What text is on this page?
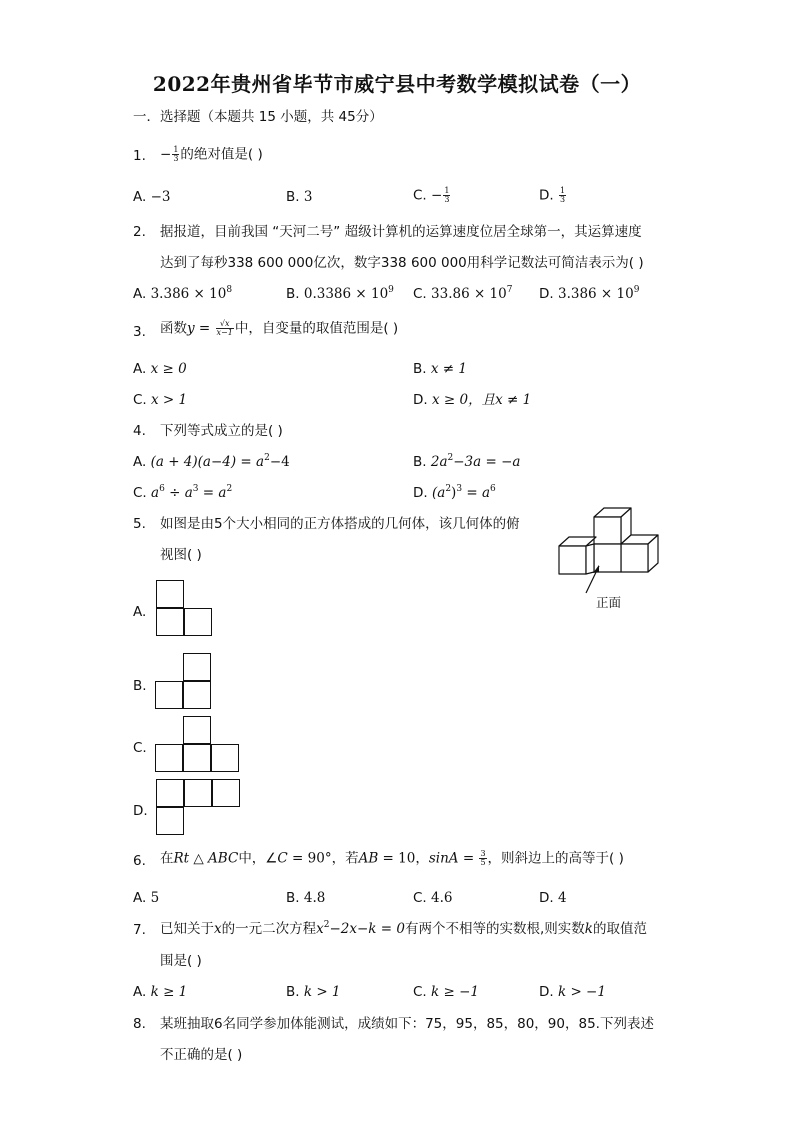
2022年贵州省毕节市威宁县中考数学模拟试卷（一）
一．选择题（本题共 15 小题，共 45分）
1. − $\frac{1}{3}$ 的绝对值是( )
A. −3	B. 3	C. − $\frac{1}{3}$	D. $\frac{1}{3}$
2. 据报道，目前我国 “天河二号” 超级计算机的运算速度位居全球第一，其运算速度
达到了每秒338 600 000亿次，数字338 600 000用科学记数法可简洁表示为( )
A. $3.386 \times 10^8$	B. $0.3386 \times 10^9$ C. $33.86 \times 10^7$ D. $3.386 \times 10^9$
3. 函数$y = \frac{√x}{x-1}$ 中，自变量的取值范围是( )
A. x ≥ 0	B. x ≠ 1
C. x > 1	D. x ≥ 0，且x ≠ 1
4. 下列等式成立的是( )
A. $(a + 4)(a-4) = a^2-4$	B. $2a^2-3a = -a$
C. $a^6 \div a^3 = a^2$	D. $(a^2)^3 = a^6$
5. 如图是由5个大小相同的正方体搭成的几何体，该几何体的俯
视图( )
正面
A.
B.
C.
D.
6. 在Rt △ ABC中，∠C = 90°，若AB = 10，$\sin A = \frac{3}{5}$ ，则斜边上的高等于( )
A. 5	B. 4.8	C. 4.6	D. 4
7. 已知关于x的一元二次方程$x^2-2x-k = 0$有两个不相等的实数根,则实数k的取值范
围是( )
A. k ≥ 1	B. k > 1	C. k ≥ −1	D. k > −1
8. 某班抽取6名同学参加体能测试，成绩如下：75，95，85，80，90，85.下列表述
不正确的是( )
